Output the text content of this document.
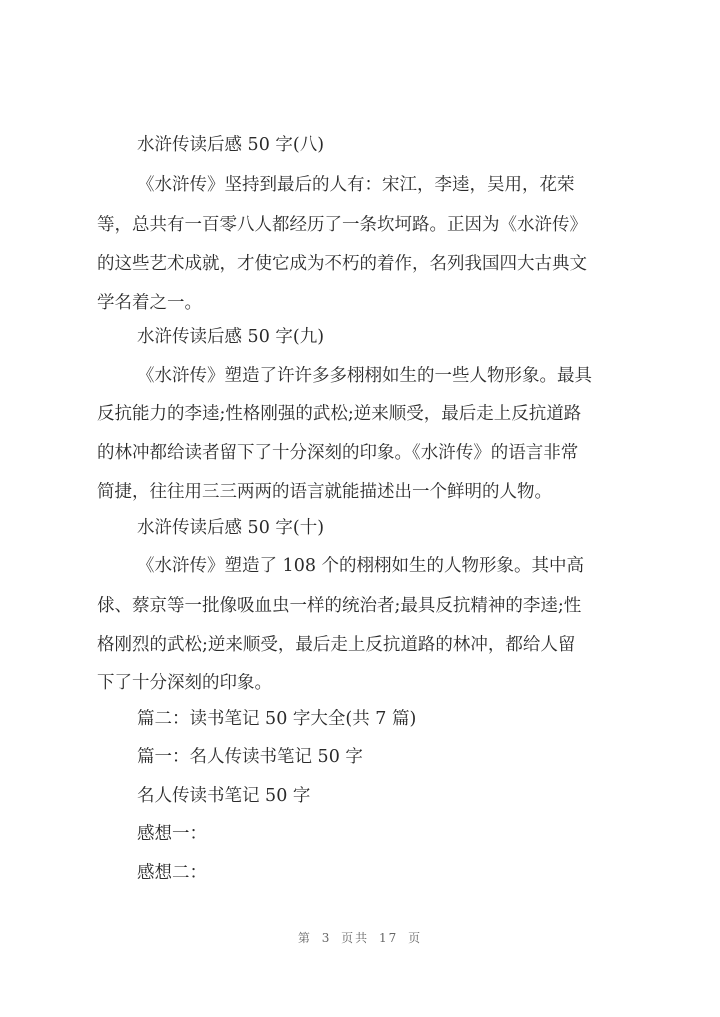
水浒传读后感 50 字(八)
《水浒传》坚持到最后的人有：宋江，李逵，吴用，花荣
等，总共有一百零八人都经历了一条坎坷路。正因为《水浒传》
的这些艺术成就，才使它成为不朽的着作，名列我国四大古典文
学名着之一。
水浒传读后感 50 字(九)
《水浒传》塑造了许许多多栩栩如生的一些人物形象。最具
反抗能力的李逵;性格刚强的武松;逆来顺受，最后走上反抗道路
的林冲都给读者留下了十分深刻的印象。《水浒传》的语言非常
简捷，往往用三三两两的语言就能描述出一个鲜明的人物。
水浒传读后感 50 字(十)
《水浒传》塑造了 108 个的栩栩如生的人物形象。其中高
俅、蔡京等一批像吸血虫一样的统治者;最具反抗精神的李逵;性
格刚烈的武松;逆来顺受，最后走上反抗道路的林冲，都给人留
下了十分深刻的印象。
篇二：读书笔记 50 字大全(共 7 篇)
篇一：名人传读书笔记 50 字
名人传读书笔记 50 字
感想一：
感想二：
第 3 页共 17 页
